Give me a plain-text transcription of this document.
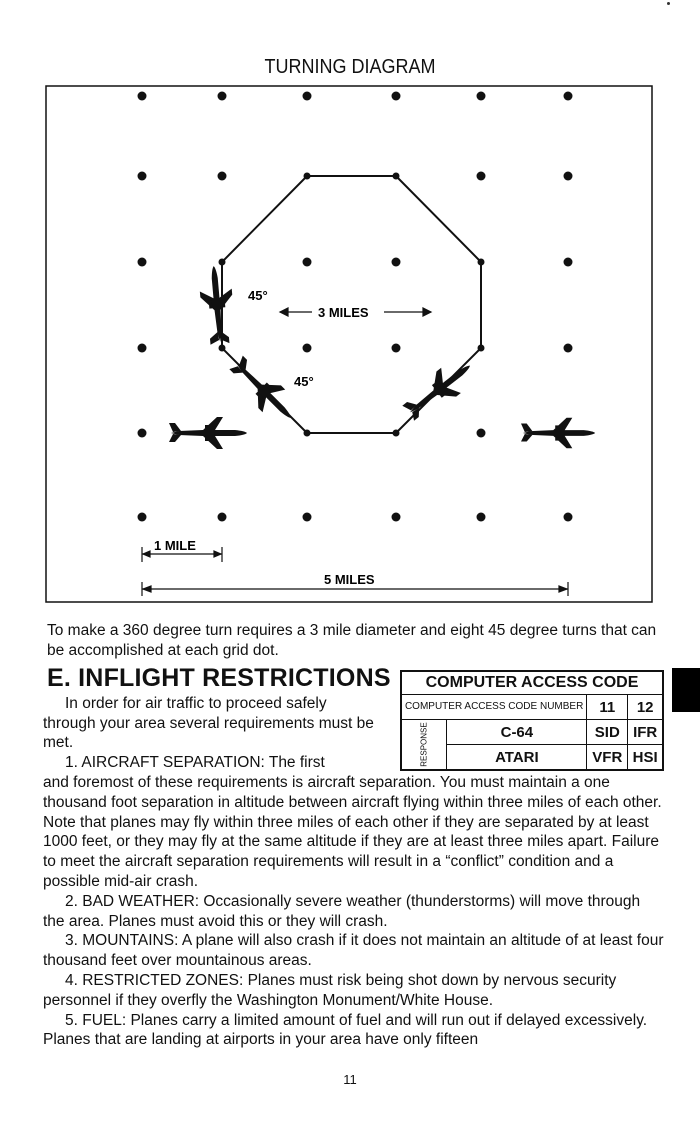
TURNING DIAGRAM
45°
45°
3 MILES
1 MILE
5 MILES
To make a 360 degree turn requires a 3 mile diameter and eight 45 degree turns that can be accomplished at each grid dot.
E. INFLIGHT RESTRICTIONS COMPUTER ACCESS CODE			
COMPUTER ACCESS CODE NUMBER		11	12
RESPONSE	C-64	SID	IFR
	ATARI	VFR	HSI

In order for air traffic to proceed safely through your area several requirements must be met.

1. AIRCRAFT SEPARATION: The first

and foremost of these requirements is aircraft separation. You must maintain a one thousand foot separation in altitude between aircraft flying within three miles of each other. Note that planes may fly within three miles of each other if they are separated by at least 1000 feet, or they may fly at the same altitude if they are at least three miles apart. Failure to meet the aircraft separation requirements will result in a “conflict” condition and a possible mid-air crash.

2. BAD WEATHER: Occasionally severe weather (thunderstorms) will move through the area. Planes must avoid this or they will crash.

3. MOUNTAINS: A plane will also crash if it does not maintain an altitude of at least four thousand feet over mountainous areas.

4. RESTRICTED ZONES: Planes must risk being shot down by nervous security personnel if they overfly the Washington Monument/White House.

5. FUEL: Planes carry a limited amount of fuel and will run out if delayed excessively. Planes that are landing at airports in your area have only fifteen

11
